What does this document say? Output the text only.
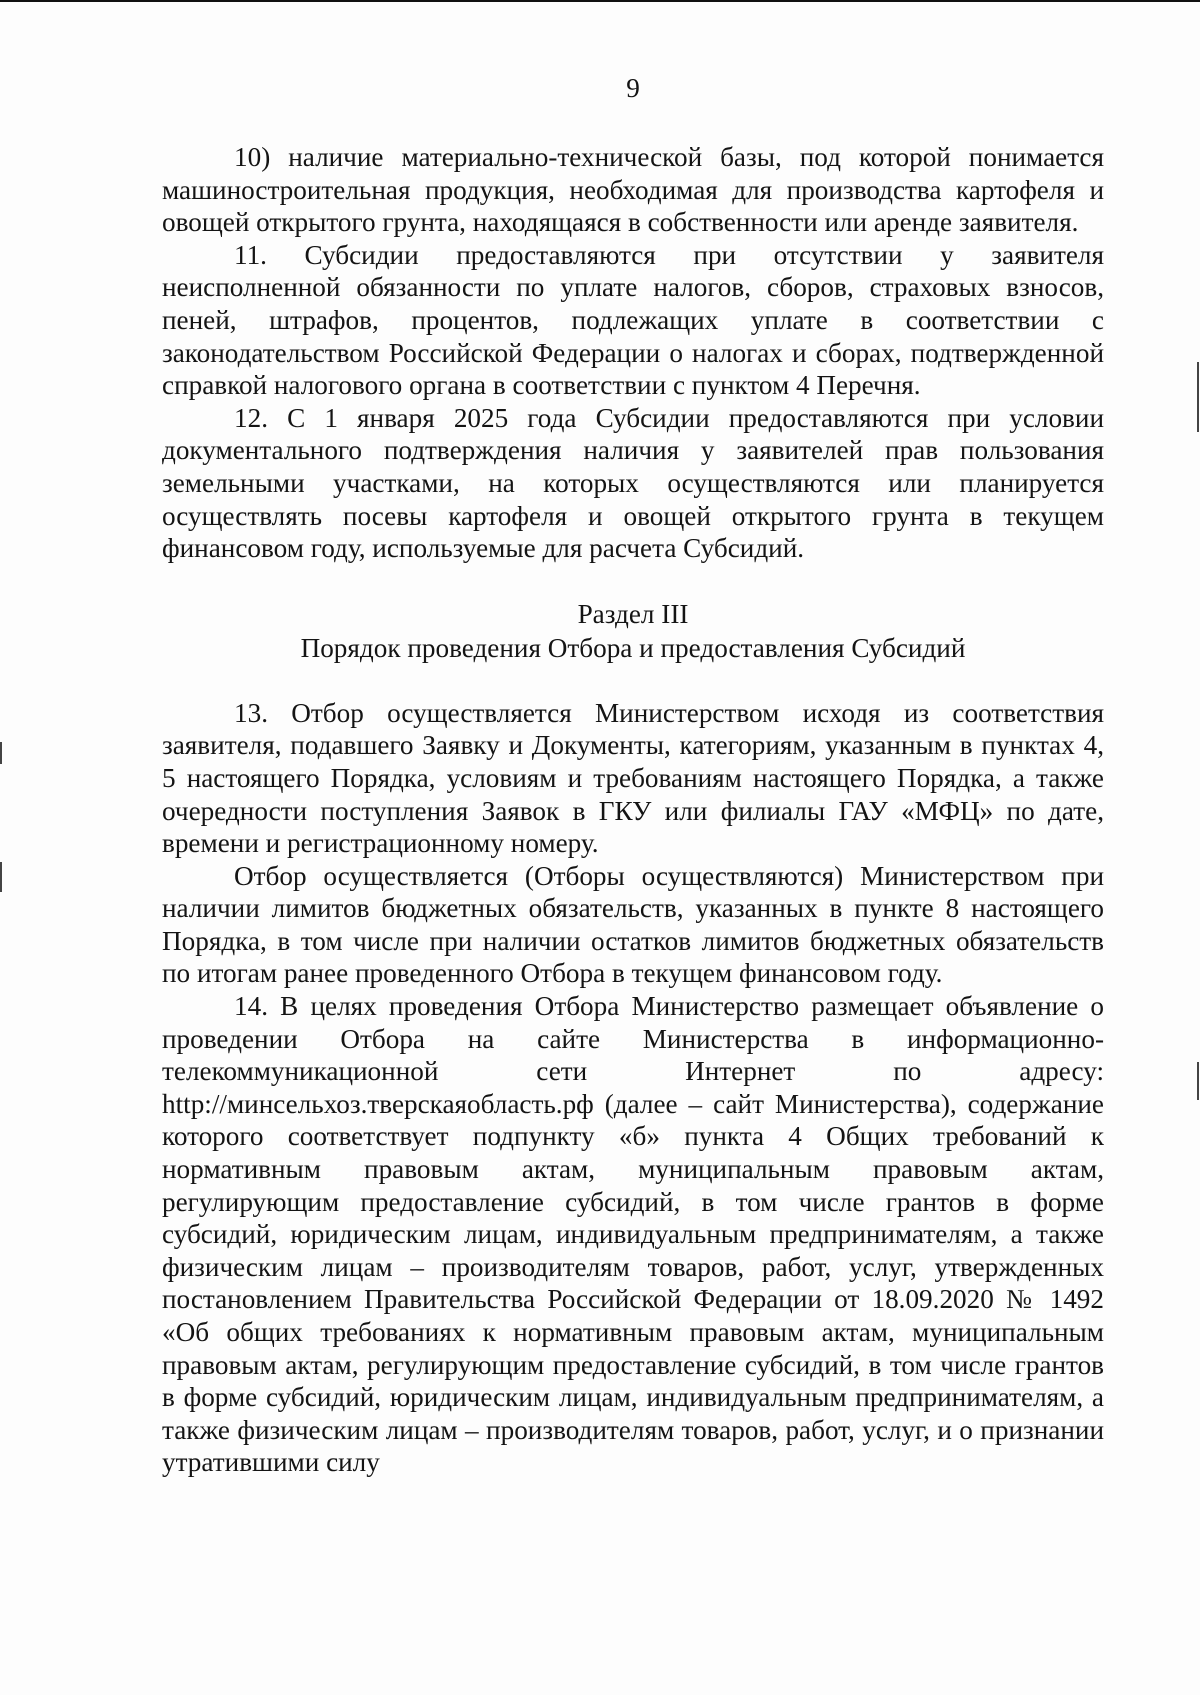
9

10) наличие материально-технической базы, под которой понимается машиностроительная продукция, необходимая для производства картофеля и овощей открытого грунта, находящаяся в собственности или аренде заявителя.

11. Субсидии предоставляются при отсутствии у заявителя неисполненной обязанности по уплате налогов, сборов, страховых взносов, пеней, штрафов, процентов, подлежащих уплате в соответствии с законодательством Российской Федерации о налогах и сборах, подтвержденной справкой налогового органа в соответствии с пунктом 4 Перечня.

12. С 1 января 2025 года Субсидии предоставляются при условии документального подтверждения наличия у заявителей прав пользования земельными участками, на которых осуществляются или планируется осуществлять посевы картофеля и овощей открытого грунта в текущем финансовом году, используемые для расчета Субсидий.

Раздел III
Порядок проведения Отбора и предоставления Субсидий

13. Отбор осуществляется Министерством исходя из соответствия заявителя, подавшего Заявку и Документы, категориям, указанным в пунктах 4, 5 настоящего Порядка, условиям и требованиям настоящего Порядка, а также очередности поступления Заявок в ГКУ или филиалы ГАУ «МФЦ» по дате, времени и регистрационному номеру.

Отбор осуществляется (Отборы осуществляются) Министерством при наличии лимитов бюджетных обязательств, указанных в пункте 8 настоящего Порядка, в том числе при наличии остатков лимитов бюджетных обязательств по итогам ранее проведенного Отбора в текущем финансовом году.

14. В целях проведения Отбора Министерство размещает объявление о проведении Отбора на сайте Министерства в информационно-телекоммуникационной сети Интернет по адресу: http://минсельхоз.тверскаяобласть.рф (далее – сайт Министерства), содержание которого соответствует подпункту «б» пункта 4 Общих требований к нормативным правовым актам, муниципальным правовым актам, регулирующим предоставление субсидий, в том числе грантов в форме субсидий, юридическим лицам, индивидуальным предпринимателям, а также физическим лицам – производителям товаров, работ, услуг, утвержденных постановлением Правительства Российской Федерации от 18.09.2020 № 1492 «Об общих требованиях к нормативным правовым актам, муниципальным правовым актам, регулирующим предоставление субсидий, в том числе грантов в форме субсидий, юридическим лицам, индивидуальным предпринимателям, а также физическим лицам – производителям товаров, работ, услуг, и о признании утратившими силу
